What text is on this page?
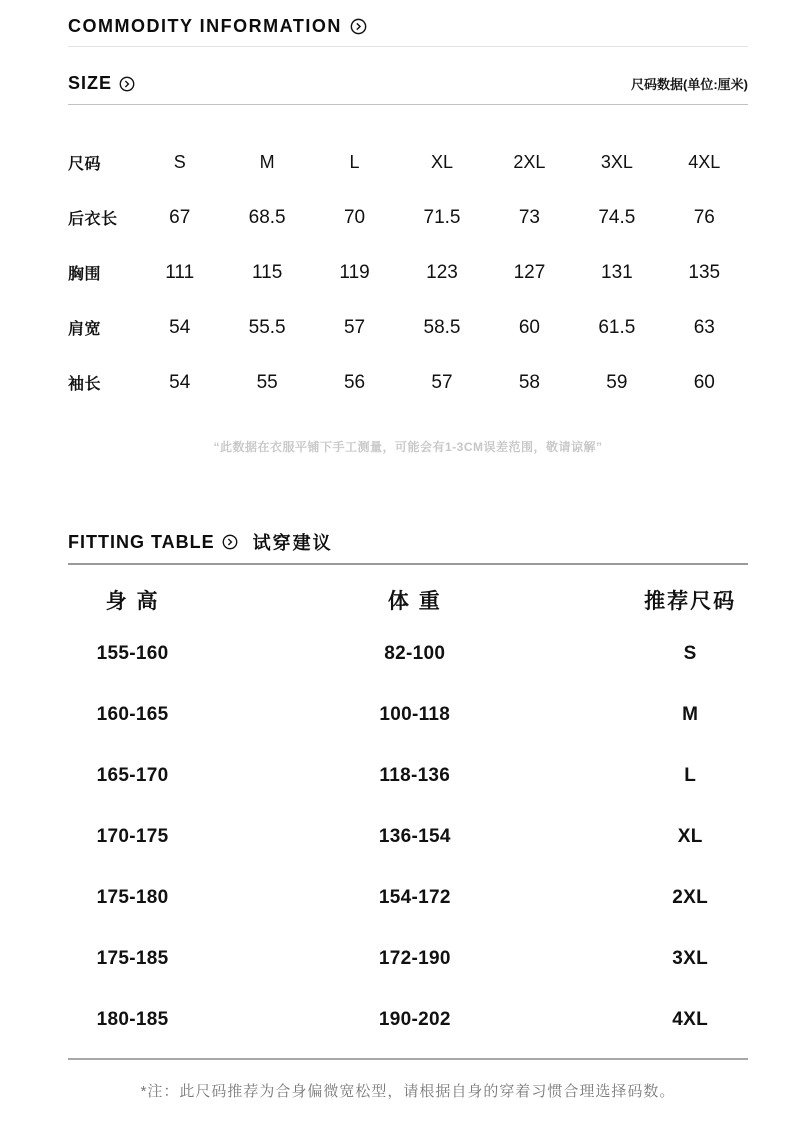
COMMODITY INFORMATION
SIZE	尺码数据(单位:厘米)
尺码	S	M	L	XL	2XL	3XL	4XL
后衣长	67	68.5	70	71.5	73	74.5	76
胸围	111	115	119	123	127	131	135
肩宽	54	55.5	57	58.5	60	61.5	63
袖长	54	55	56	57	58	59	60

“此数据在衣服平铺下手工测量，可能会有1-3CM误差范围，敬请谅解”

FITTING TABLE 试穿建议
身 高	体 重	推荐尺码
155-160	82-100	S
160-165	100-118	M
165-170	118-136	L
170-175	136-154	XL
175-180	154-172	2XL
175-185	172-190	3XL
180-185	190-202	4XL

*注：此尺码推荐为合身偏微宽松型，请根据自身的穿着习惯合理选择码数。
